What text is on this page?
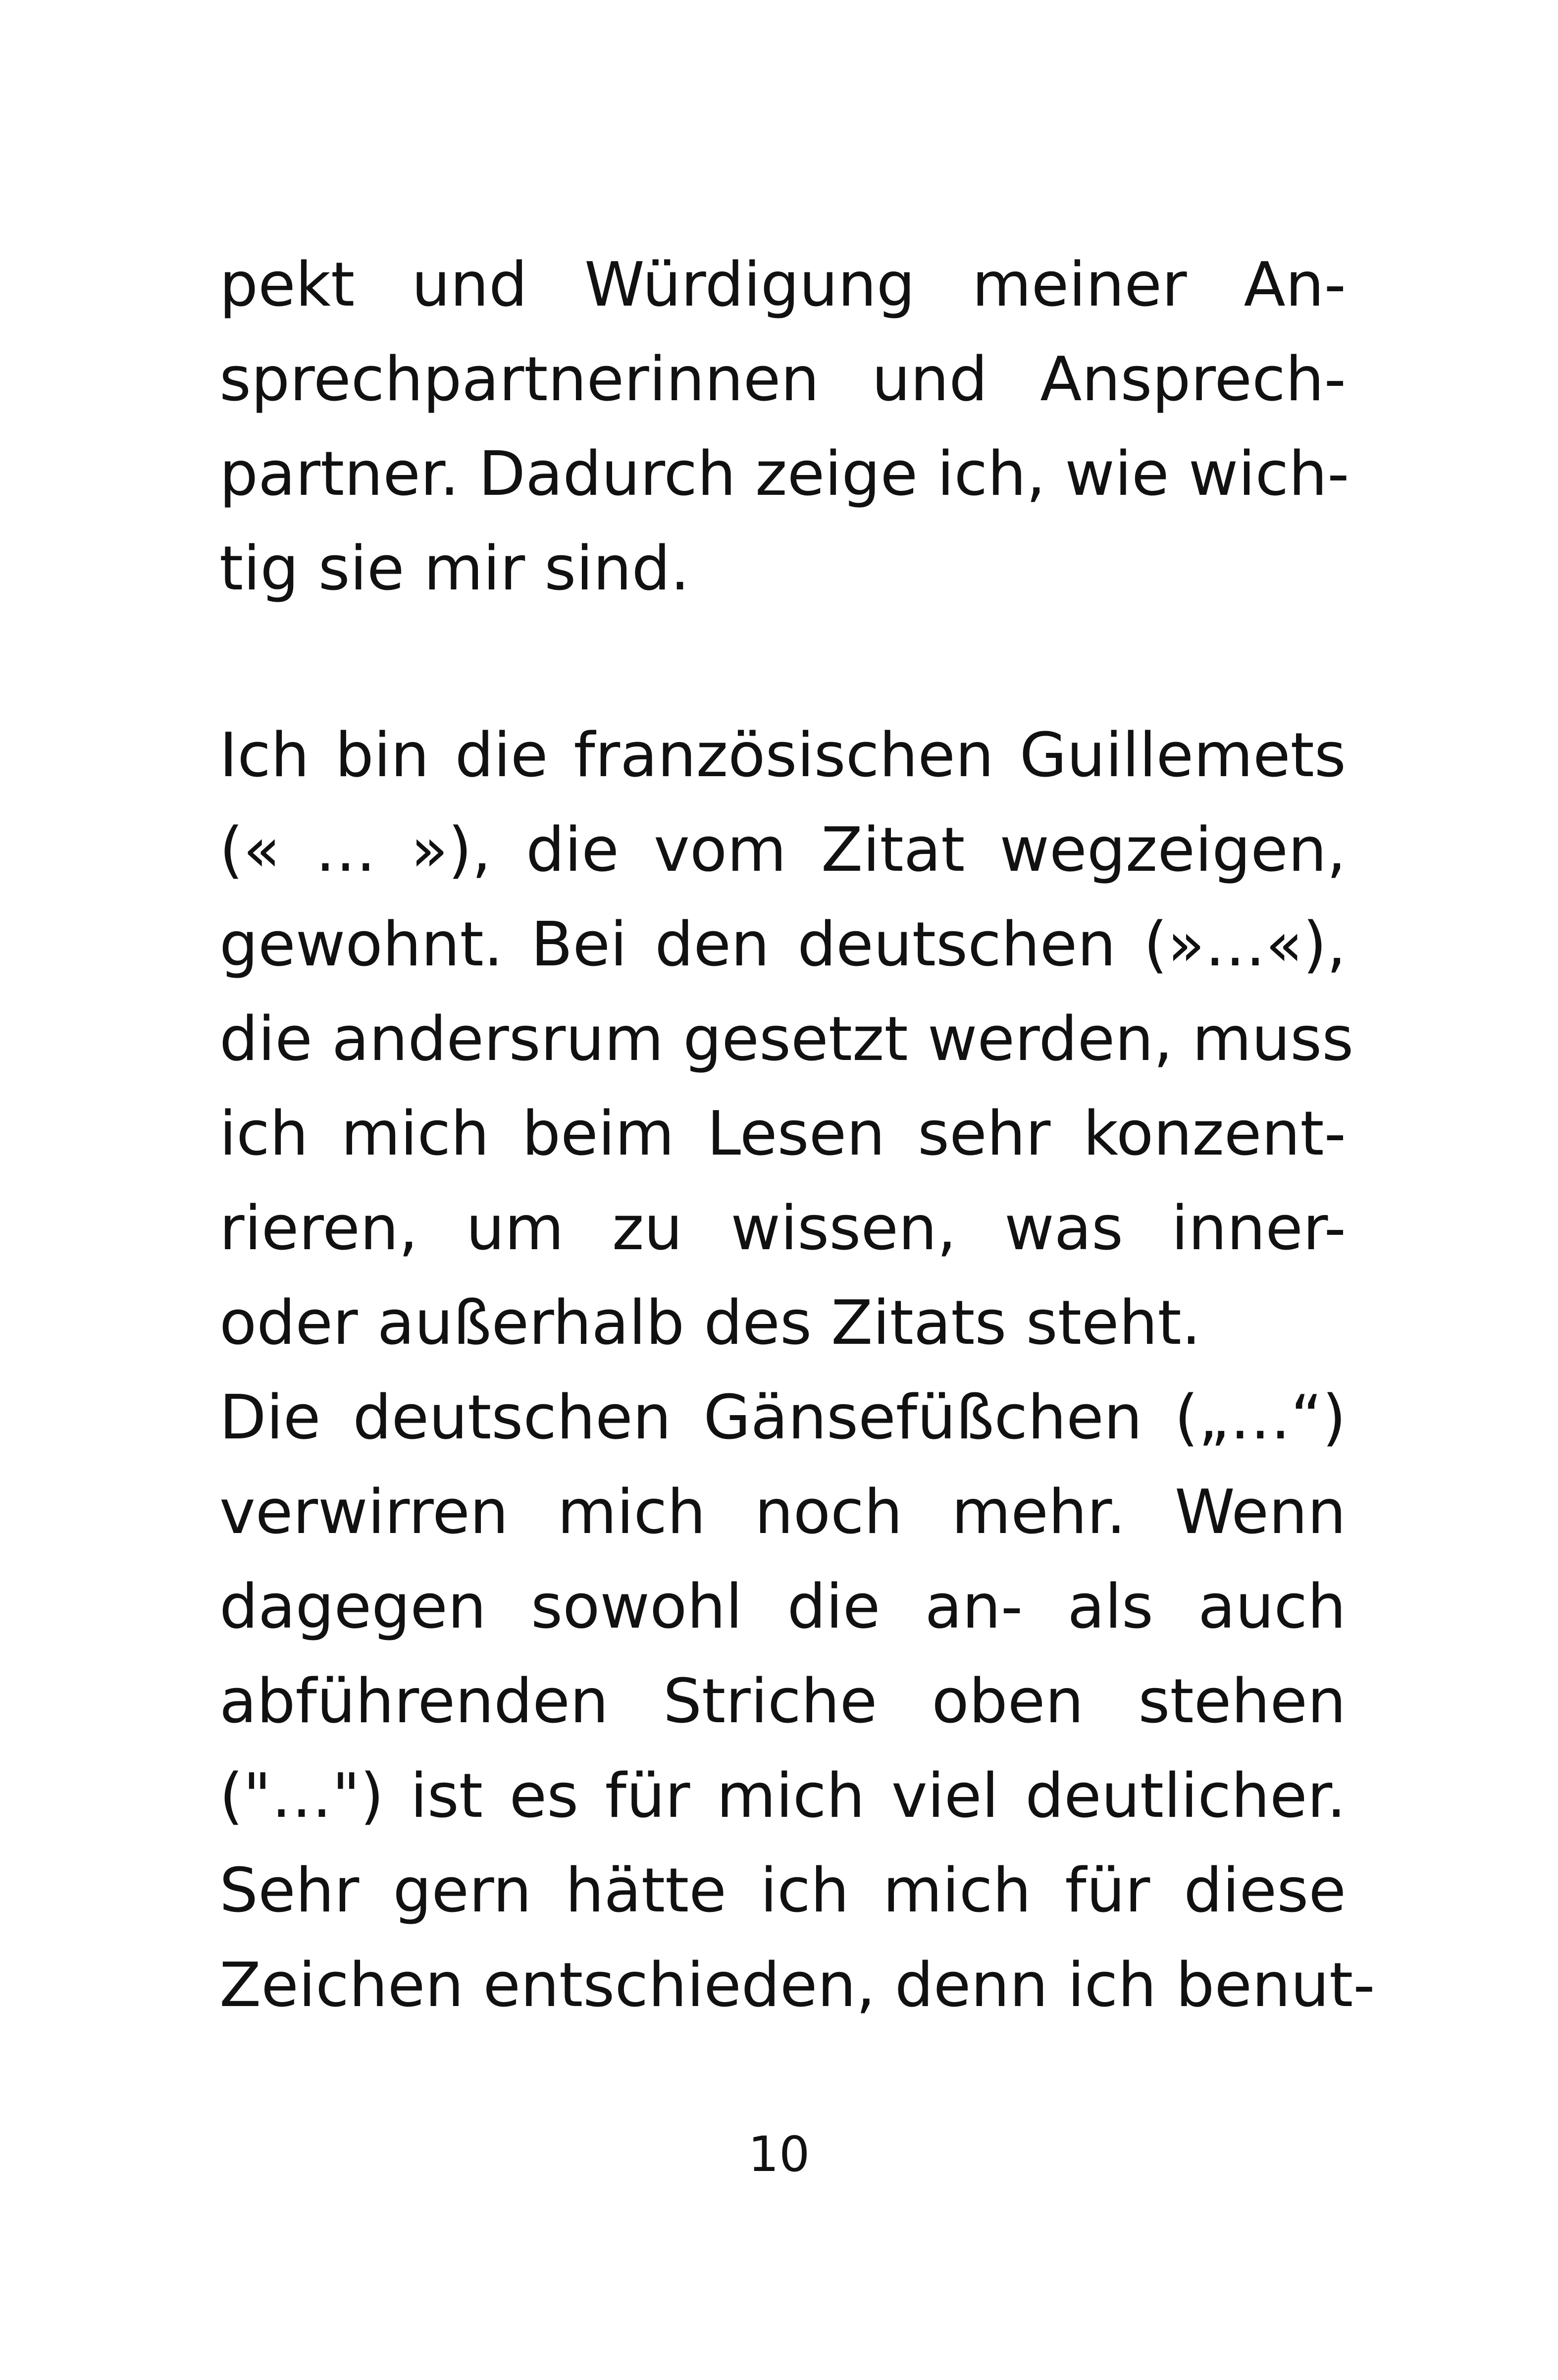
pekt und Würdigung meiner An-
sprechpartnerinnen und Ansprech-
partner. Dadurch zeige ich, wie wich-
tig sie mir sind.
Ich bin die französischen Guillemets
(« … »), die vom Zitat wegzeigen,
gewohnt. Bei den deutschen (»…«),
die andersrum gesetzt werden, muss
ich mich beim Lesen sehr konzent-
rieren, um zu wissen, was inner-
oder außerhalb des Zitats steht.
Die deutschen Gänsefüßchen („…“)
verwirren mich noch mehr. Wenn
dagegen sowohl die an- als auch
abführenden Striche oben stehen
("…") ist es für mich viel deutlicher.
Sehr gern hätte ich mich für diese
Zeichen entschieden, denn ich benut-
10
